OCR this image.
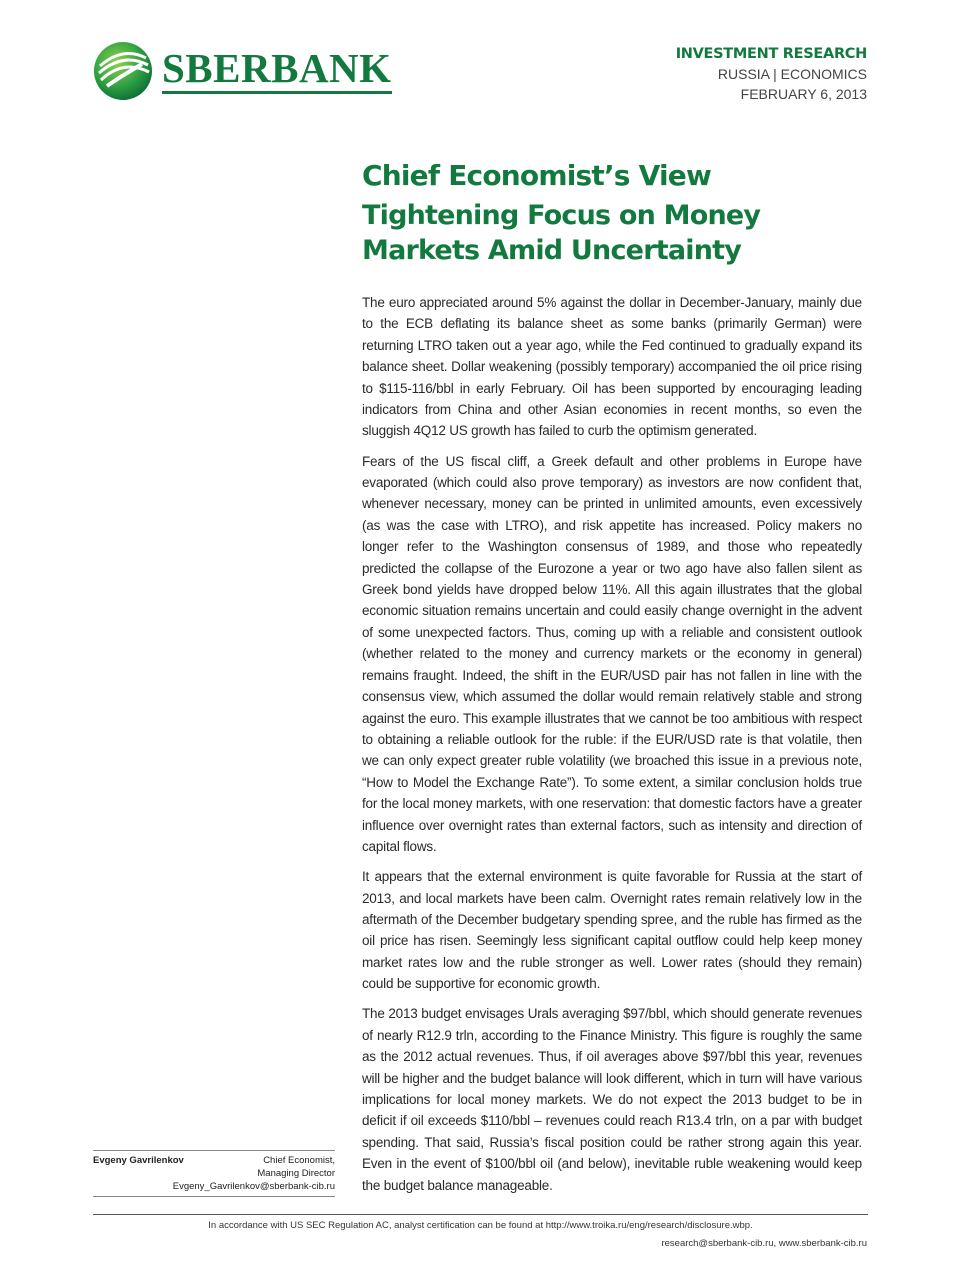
SBERBANK	INVESTMENT RESEARCH
RUSSIA | ECONOMICS
FEBRUARY 6, 2013
Chief Economist’s View
Tightening Focus on Money Markets Amid Uncertainty

The euro appreciated around 5% against the dollar in December-January, mainly due to the ECB deflating its balance sheet as some banks (primarily German) were returning LTRO taken out a year ago, while the Fed continued to gradually expand its balance sheet. Dollar weakening (possibly temporary) accompanied the oil price rising to $115-116/bbl in early February. Oil has been supported by encouraging leading indicators from China and other Asian economies in recent months, so even the sluggish 4Q12 US growth has failed to curb the optimism generated.

Fears of the US fiscal cliff, a Greek default and other problems in Europe have evaporated (which could also prove temporary) as investors are now confident that, whenever necessary, money can be printed in unlimited amounts, even excessively (as was the case with LTRO), and risk appetite has increased. Policy makers no longer refer to the Washington consensus of 1989, and those who repeatedly predicted the collapse of the Eurozone a year or two ago have also fallen silent as Greek bond yields have dropped below 11%. All this again illustrates that the global economic situation remains uncertain and could easily change overnight in the advent of some unexpected factors. Thus, coming up with a reliable and consistent outlook (whether related to the money and currency markets or the economy in general) remains fraught. Indeed, the shift in the EUR/USD pair has not fallen in line with the consensus view, which assumed the dollar would remain relatively stable and strong against the euro. This example illustrates that we cannot be too ambitious with respect to obtaining a reliable outlook for the ruble: if the EUR/USD rate is that volatile, then we can only expect greater ruble volatility (we broached this issue in a previous note, “How to Model the Exchange Rate”). To some extent, a similar conclusion holds true for the local money markets, with one reservation: that domestic factors have a greater influence over overnight rates than external factors, such as intensity and direction of capital flows.

It appears that the external environment is quite favorable for Russia at the start of 2013, and local markets have been calm. Overnight rates remain relatively low in the aftermath of the December budgetary spending spree, and the ruble has firmed as the oil price has risen. Seemingly less significant capital outflow could help keep money market rates low and the ruble stronger as well. Lower rates (should they remain) could be supportive for economic growth.

The 2013 budget envisages Urals averaging $97/bbl, which should generate revenues of nearly R12.9 trln, according to the Finance Ministry. This figure is roughly the same as the 2012 actual revenues. Thus, if oil averages above $97/bbl this year, revenues will be higher and the budget balance will look different, which in turn will have various implications for local money markets. We do not expect the 2013 budget to be in deficit if oil exceeds $110/bbl – revenues could reach R13.4 trln, on a par with budget spending. That said, Russia’s fiscal position could be rather strong again this year. Even in the event of $100/bbl oil (and below), inevitable ruble weakening would keep the budget balance manageable.

Evgeny Gavrilenkov	Chief Economist,
Managing Director
Evgeny_Gavrilenkov@sberbank-cib.ru
In accordance with US SEC Regulation AC, analyst certification can be found at http://www.troika.ru/eng/research/disclosure.wbp.
research@sberbank-cib.ru, www.sberbank-cib.ru
